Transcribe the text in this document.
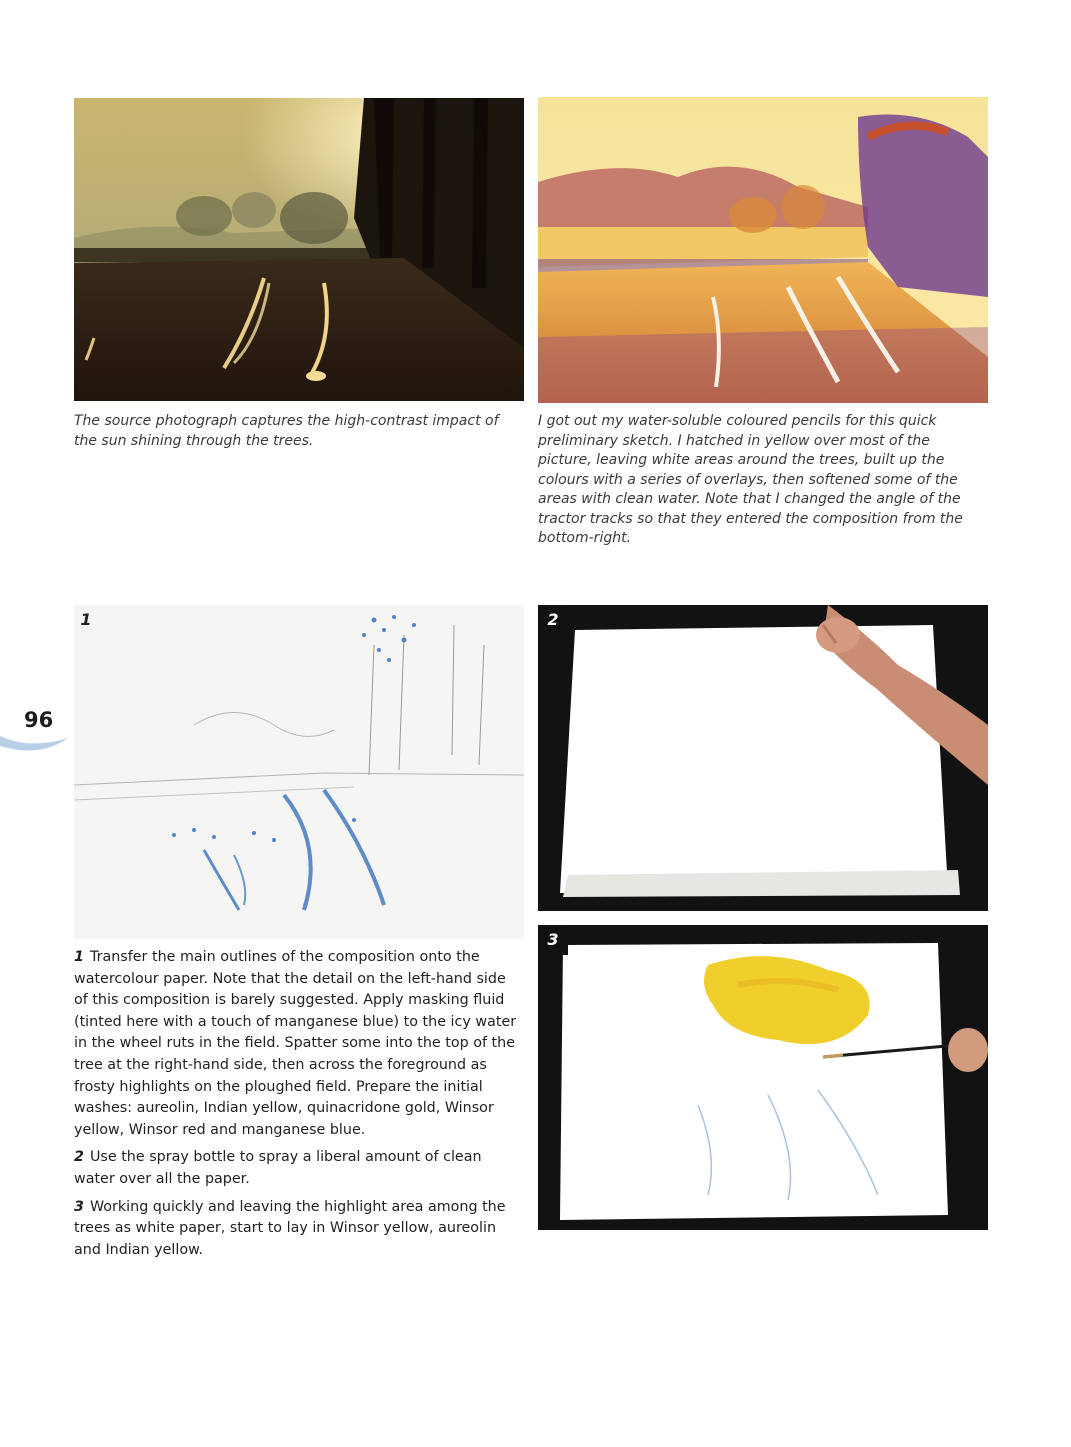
The source photograph captures the high-contrast impact of the sun shining through the trees.

I got out my water-soluble coloured pencils for this quick preliminary sketch. I hatched in yellow over most of the picture, leaving white areas around the trees, built up the colours with a series of overlays, then softened some of the areas with clean water. Note that I changed the angle of the tractor tracks so that they entered the composition from the bottom-right.

1	2
3
96

1 Transfer the main outlines of the composition onto the watercolour paper. Note that the detail on the left-hand side of this composition is barely suggested. Apply masking fluid (tinted here with a touch of manganese blue) to the icy water in the wheel ruts in the field. Spatter some into the top of the tree at the right-hand side, then across the foreground as frosty highlights on the ploughed field. Prepare the initial washes: aureolin, Indian yellow, quinacridone gold, Winsor yellow, Winsor red and manganese blue.

2 Use the spray bottle to spray a liberal amount of clean water over all the paper.

3 Working quickly and leaving the highlight area among the trees as white paper, start to lay in Winsor yellow, aureolin and Indian yellow.
